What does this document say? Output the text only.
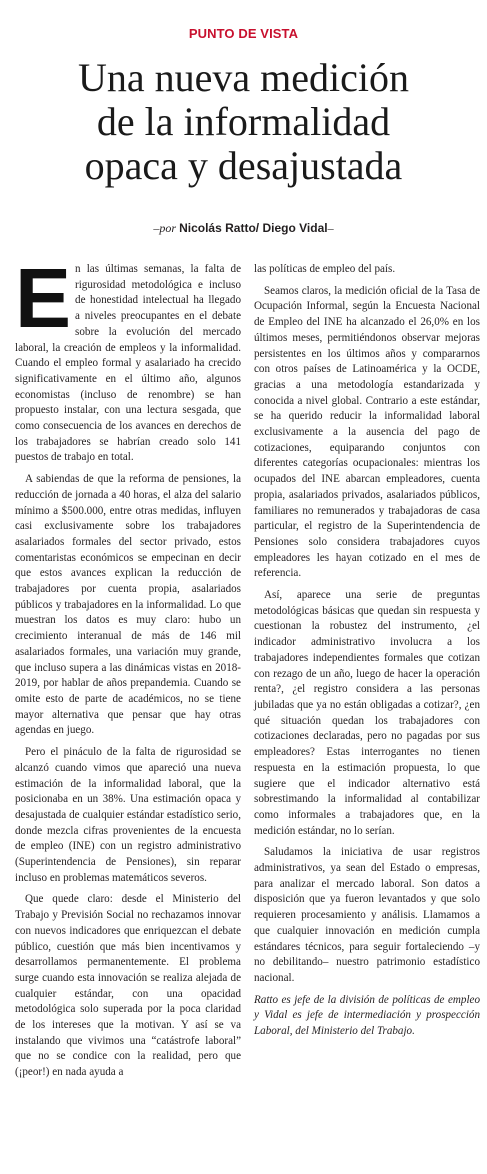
PUNTO DE VISTA
Una nueva medición
de la informalidad
opaca y desajustada
–por Nicolás Ratto/ Diego Vidal–

En las últimas semanas, la falta de rigurosidad metodológica e incluso de honestidad intelectual ha llegado a niveles preocupantes en el debate sobre la evolución del mercado laboral, la creación de empleos y la informalidad. Cuando el empleo formal y asalariado ha crecido significativamente en el último año, algunos economistas (incluso de renombre) se han propuesto instalar, con una lectura sesgada, que como consecuencia de los avances en derechos de los trabajadores se habrían creado solo 141 puestos de trabajo en total.

A sabiendas de que la reforma de pensiones, la reducción de jornada a 40 horas, el alza del salario mínimo a $500.000, entre otras medidas, influyen casi exclusivamente sobre los trabajadores asalariados formales del sector privado, estos comentaristas económicos se empecinan en decir que estos avances explican la reducción de trabajadores por cuenta propia, asalariados públicos y trabajadores en la informalidad. Lo que muestran los datos es muy claro: hubo un crecimiento interanual de más de 146 mil asalariados formales, una variación muy grande, que incluso supera a las dinámicas vistas en 2018-2019, por hablar de años prepandemia. Cuando se omite esto de parte de académicos, no se tiene mayor alternativa que pensar que hay otras agendas en juego.

Pero el pináculo de la falta de rigurosidad se alcanzó cuando vimos que apareció una nueva estimación de la informalidad laboral, que la posicionaba en un 38%. Una estimación opaca y desajustada de cualquier estándar estadístico serio, donde mezcla cifras provenientes de la encuesta de empleo (INE) con un registro administrativo (Superintendencia de Pensiones), sin reparar incluso en problemas matemáticos severos.

Que quede claro: desde el Ministerio del Trabajo y Previsión Social no rechazamos innovar con nuevos indicadores que enriquezcan el debate público, cuestión que más bien incentivamos y desarrollamos permanentemente. El problema surge cuando esta innovación se realiza alejada de cualquier estándar, con una opacidad metodológica solo superada por la poca claridad de los intereses que la motivan. Y así se va instalando que vivimos una “catástrofe laboral” que no se condice con la realidad, pero que (¡peor!) en nada ayuda a

las políticas de empleo del país.

Seamos claros, la medición oficial de la Tasa de Ocupación Informal, según la Encuesta Nacional de Empleo del INE ha alcanzado el 26,0% en los últimos meses, permitiéndonos observar mejoras persistentes en los últimos años y compararnos con otros países de Latinoamérica y la OCDE, gracias a una metodología estandarizada y conocida a nivel global. Contrario a este estándar, se ha querido reducir la informalidad laboral exclusivamente a la ausencia del pago de cotizaciones, equiparando conjuntos con diferentes categorías ocupacionales: mientras los ocupados del INE abarcan empleadores, cuenta propia, asalariados privados, asalariados públicos, familiares no remunerados y trabajadoras de casa particular, el registro de la Superintendencia de Pensiones solo considera trabajadores cuyos empleadores les hayan cotizado en el mes de referencia.

Así, aparece una serie de preguntas metodológicas básicas que quedan sin respuesta y cuestionan la robustez del instrumento, ¿el indicador administrativo involucra a los trabajadores independientes formales que cotizan con rezago de un año, luego de hacer la operación renta?, ¿el registro considera a las personas jubiladas que ya no están obligadas a cotizar?, ¿en qué situación quedan los trabajadores con cotizaciones declaradas, pero no pagadas por sus empleadores? Estas interrogantes no tienen respuesta en la estimación propuesta, lo que sugiere que el indicador alternativo está sobrestimando la informalidad al contabilizar como informales a trabajadores que, en la medición estándar, no lo serían.

Saludamos la iniciativa de usar registros administrativos, ya sean del Estado o empresas, para analizar el mercado laboral. Son datos a disposición que ya fueron levantados y que solo requieren procesamiento y análisis. Llamamos a que cualquier innovación en medición cumpla estándares técnicos, para seguir fortaleciendo –y no debilitando– nuestro patrimonio estadístico nacional.

Ratto es jefe de la división de políticas de empleo y Vidal es jefe de intermediación y prospección Laboral, del Ministerio del Trabajo.
